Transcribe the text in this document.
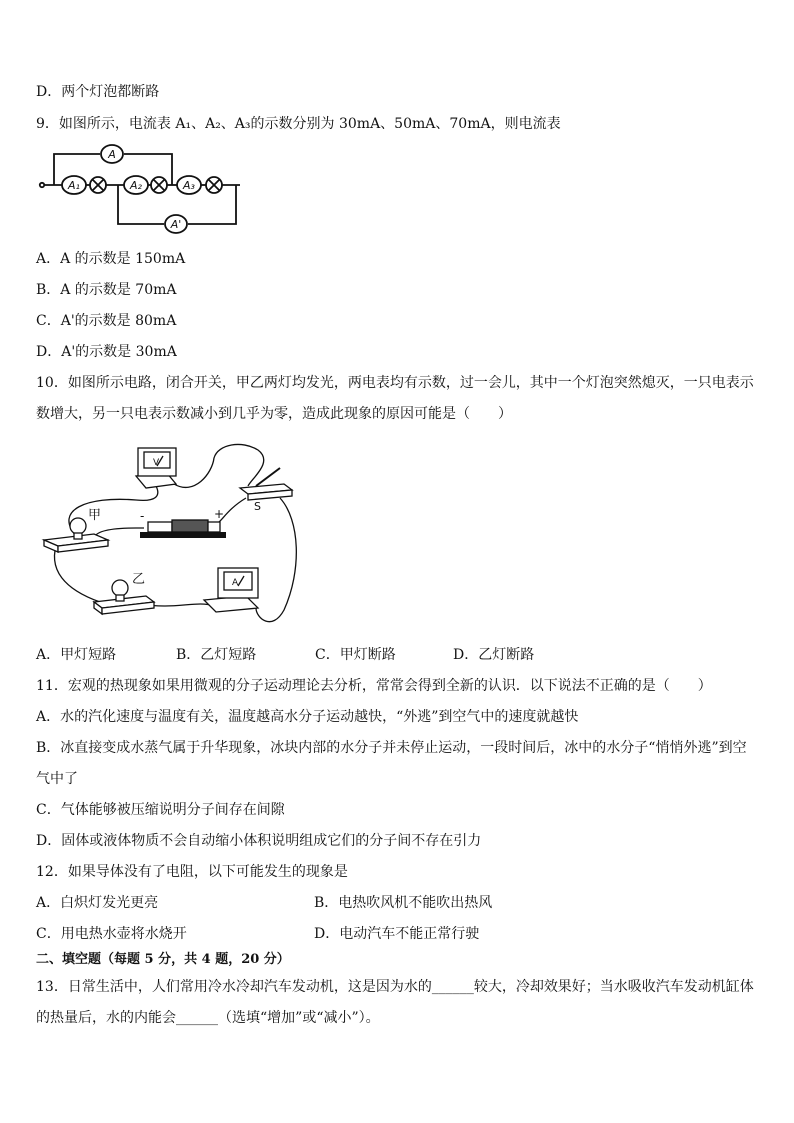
D．两个灯泡都断路
9．如图所示，电流表 A₁、A₂、A₃的示数分别为 30mA、50mA、70mA，则电流表
A
A₁	A₂	A₃
A'
A．A 的示数是 150mA
B．A 的示数是 70mA
C．A'的示数是 80mA
D．A'的示数是 30mA
10．如图所示电路，闭合开关，甲乙两灯均发光，两电表均有示数，过一会儿，其中一个灯泡突然熄灭，一只电表示
数增大，另一只电表示数减小到几乎为零，造成此现象的原因可能是（　　）
甲
乙
S
V
A
-	+
A．甲灯短路	B．乙灯短路	C．甲灯断路	D．乙灯断路
11．宏观的热现象如果用微观的分子运动理论去分析，常常会得到全新的认识．以下说法不正确的是（　　）
A．水的汽化速度与温度有关，温度越高水分子运动越快，“外逃”到空气中的速度就越快
B．冰直接变成水蒸气属于升华现象，冰块内部的水分子并未停止运动，一段时间后，冰中的水分子“悄悄外逃”到空
气中了
C．气体能够被压缩说明分子间存在间隙
D．固体或液体物质不会自动缩小体积说明组成它们的分子间不存在引力
12．如果导体没有了电阻，以下可能发生的现象是
A．白炽灯发光更亮	B．电热吹风机不能吹出热风
C．用电热水壶将水烧开	D．电动汽车不能正常行驶
二、填空题（每题 5 分，共 4 题，20 分）
13．日常生活中，人们常用冷水冷却汽车发动机，这是因为水的______较大，冷却效果好；当水吸收汽车发动机缸体
的热量后，水的内能会______（选填“增加”或“减小”）。
